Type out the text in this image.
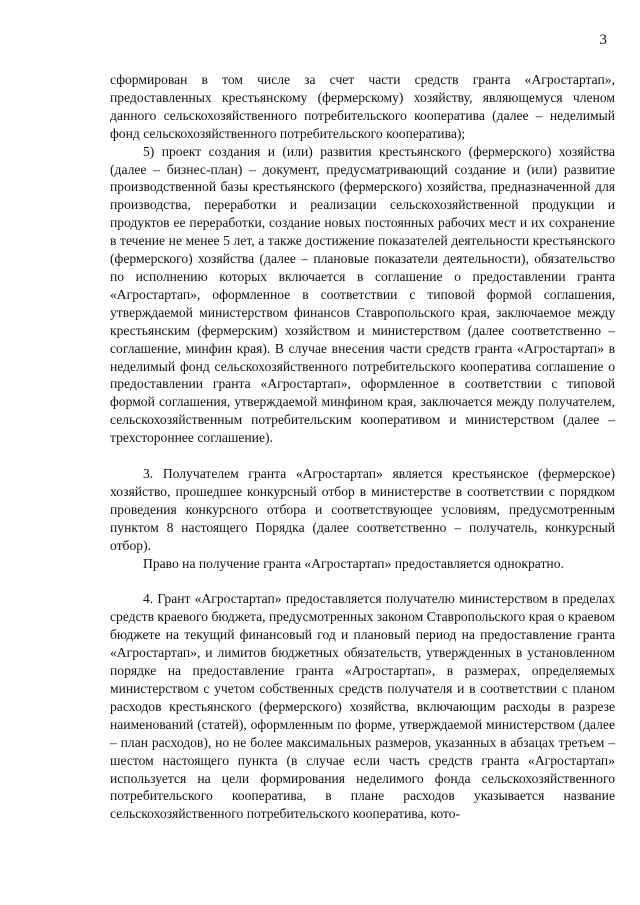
3

сформирован в том числе за счет части средств гранта «Агростартап», предоставленных крестьянскому (фермерскому) хозяйству, являющемуся членом данного сельскохозяйственного потребительского кооператива (далее – неделимый фонд сельскохозяйственного потребительского кооператива);

5) проект создания и (или) развития крестьянского (фермерского) хозяйства (далее – бизнес-план) – документ, предусматривающий создание и (или) развитие производственной базы крестьянского (фермерского) хозяйства, предназначенной для производства, переработки и реализации сельскохозяйственной продукции и продуктов ее переработки, создание новых постоянных рабочих мест и их сохранение в течение не менее 5 лет, а также достижение показателей деятельности крестьянского (фермерского) хозяйства (далее – плановые показатели деятельности), обязательство по исполнению которых включается в соглашение о предоставлении гранта «Агростартап», оформленное в соответствии с типовой формой соглашения, утверждаемой министерством финансов Ставропольского края, заключаемое между крестьянским (фермерским) хозяйством и министерством (далее соответственно – соглашение, минфин края). В случае внесения части средств гранта «Агростартап» в неделимый фонд сельскохозяйственного потребительского кооператива соглашение о предоставлении гранта «Агростартап», оформленное в соответствии с типовой формой соглашения, утверждаемой минфином края, заключается между получателем, сельскохозяйственным потребительским кооперативом и министерством (далее – трехстороннее соглашение).

3. Получателем гранта «Агростартап» является крестьянское (фермерское) хозяйство, прошедшее конкурсный отбор в министерстве в соответствии с порядком проведения конкурсного отбора и соответствующее условиям, предусмотренным пунктом 8 настоящего Порядка (далее соответственно – получатель, конкурсный отбор).

Право на получение гранта «Агростартап» предоставляется однократно.

4. Грант «Агростартап» предоставляется получателю министерством в пределах средств краевого бюджета, предусмотренных законом Ставропольского края о краевом бюджете на текущий финансовый год и плановый период на предоставление гранта «Агростартап», и лимитов бюджетных обязательств, утвержденных в установленном порядке на предоставление гранта «Агростартап», в размерах, определяемых министерством с учетом собственных средств получателя и в соответствии с планом расходов крестьянского (фермерского) хозяйства, включающим расходы в разрезе наименований (статей), оформленным по форме, утверждаемой министерством (далее – план расходов), но не более максимальных размеров, указанных в абзацах третьем – шестом настоящего пункта (в случае если часть средств гранта «Агростартап» используется на цели формирования неделимого фонда сельскохозяйственного потребительского кооператива, в плане расходов указывается название сельскохозяйственного потребительского кооператива, кото-
